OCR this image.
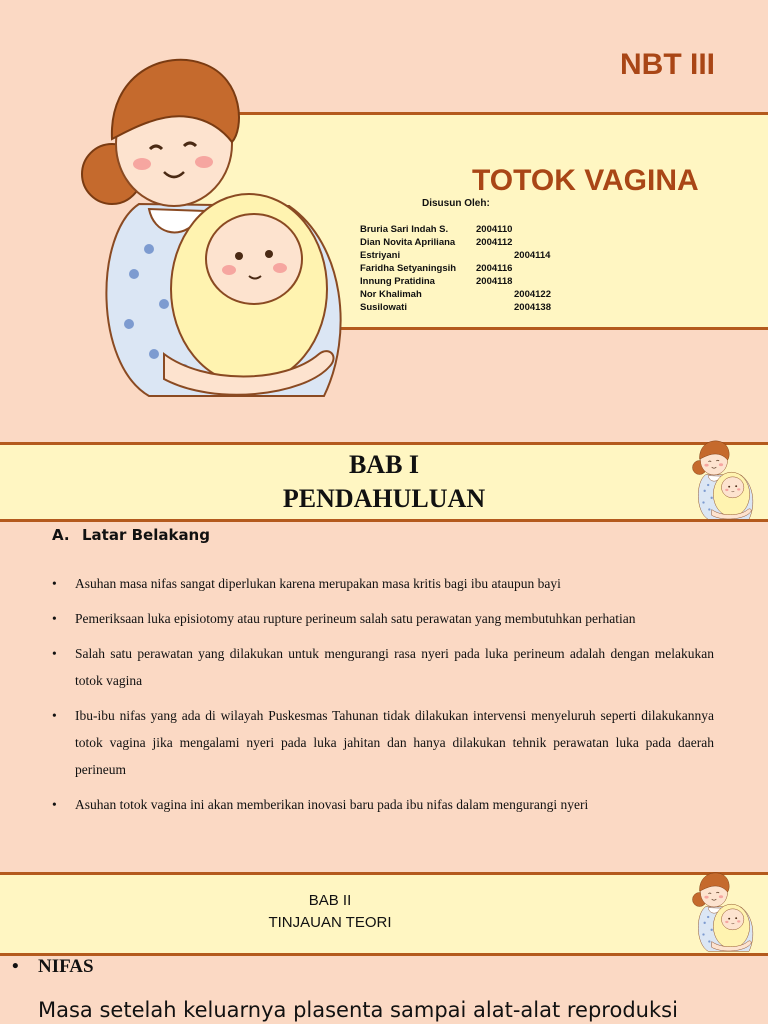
NBT III
TOTOK VAGINA
Disusun Oleh:
Bruria Sari Indah S.	2004110
Dian Novita Apriliana 2004112
Estriyani	2004114
Faridha Setyaningsih 2004116
Innung Pratidina	2004118
Nor Khalimah	2004122
Susilowati	2004138
BAB I
PENDAHULUAN
A. Latar Belakang
• Asuhan masa nifas sangat diperlukan karena merupakan masa kritis bagi ibu ataupun bayi
• Pemeriksaan luka episiotomy atau rupture perineum salah satu perawatan yang membutuhkan perhatian
• Salah satu perawatan yang dilakukan untuk mengurangi rasa nyeri pada luka perineum adalah dengan melakukan totok vagina
• Ibu-ibu nifas yang ada di wilayah Puskesmas Tahunan tidak dilakukan intervensi menyeluruh seperti dilakukannya totok vagina jika mengalami nyeri pada luka jahitan dan hanya dilakukan tehnik perawatan luka pada daerah perineum
• Asuhan totok vagina ini akan memberikan inovasi baru pada ibu nifas dalam mengurangi nyeri
BAB II
TINJAUAN TEORI
• NIFAS
Masa setelah keluarnya plasenta sampai alat-alat reproduksi
